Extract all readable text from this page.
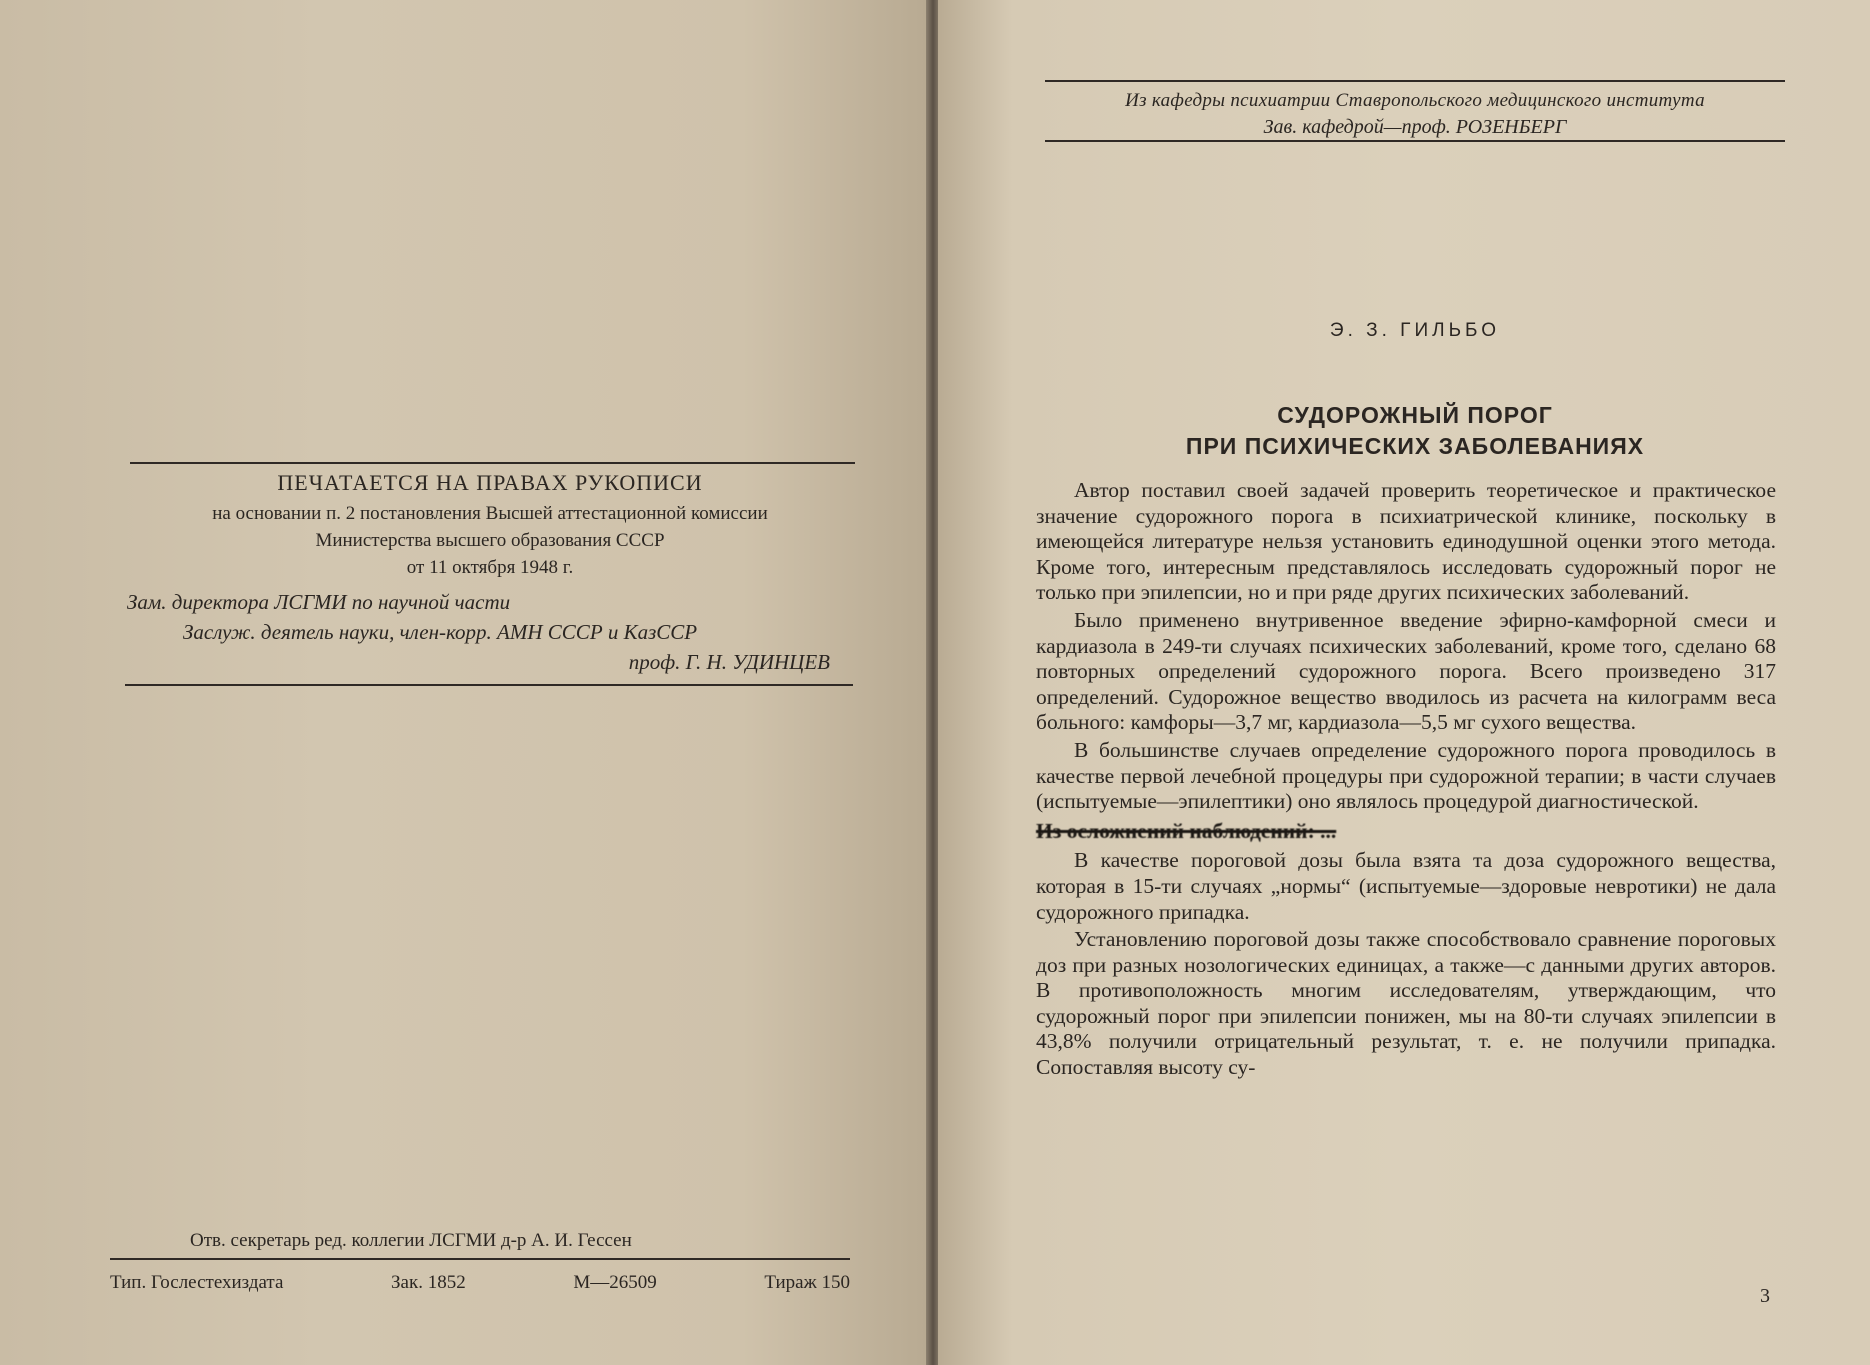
ПЕЧАТАЕТСЯ НА ПРАВАХ РУКОПИСИ
на основании п. 2 постановления Высшей аттестационной комиссии
Министерства высшего образования СССР
от 11 октября 1948 г.
Зам. директора ЛСГМИ по научной части
Заслуж. деятель науки, член-корр. АМН СССР и КазССР
проф. Г. Н. УДИНЦЕВ
Отв. секретарь ред. коллегии ЛСГМИ д-р А. И. Гессен
Тип. Гослестехиздата	Зак. 1852	М—26509	Тираж 150
Из кафедры психиатрии Ставропольского медицинского института
Зав. кафедрой—проф. РОЗЕНБЕРГ
Э. З. ГИЛЬБО
СУДОРОЖНЫЙ ПОРОГ
ПРИ ПСИХИЧЕСКИХ ЗАБОЛЕВАНИЯХ

Автор поставил своей задачей проверить теоретическое и практическое значение судорожного порога в психиатрической клинике, поскольку в имеющейся литературе нельзя установить единодушной оценки этого метода. Кроме того, интересным представлялось исследовать судорожный порог не только при эпилепсии, но и при ряде других психических заболеваний.

Было применено внутривенное введение эфирно-камфорной смеси и кардиазола в 249-ти случаях психических заболеваний, кроме того, сделано 68 повторных определений судорожного порога. Всего произведено 317 определений. Судорожное вещество вводилось из расчета на килограмм веса больного: камфоры—3,7 мг, кардиазола—5,5 мг сухого вещества.

В большинстве случаев определение судорожного порога проводилось в качестве первой лечебной процедуры при судорожной терапии; в части случаев (испытуемые—эпилептики) оно являлось процедурой диагностической.

Из осложнений наблюдений: ...

В качестве пороговой дозы была взята та доза судорожного вещества, которая в 15-ти случаях „нормы“ (испытуемые—здоровые невротики) не дала судорожного припадка.

Установлению пороговой дозы также способствовало сравнение пороговых доз при разных нозологических единицах, а также—с данными других авторов. В противоположность многим исследователям, утверждающим, что судорожный порог при эпилепсии понижен, мы на 80-ти случаях эпилепсии в 43,8% получили отрицательный результат, т. е. не получили припадка. Сопоставляя высоту су-

3
